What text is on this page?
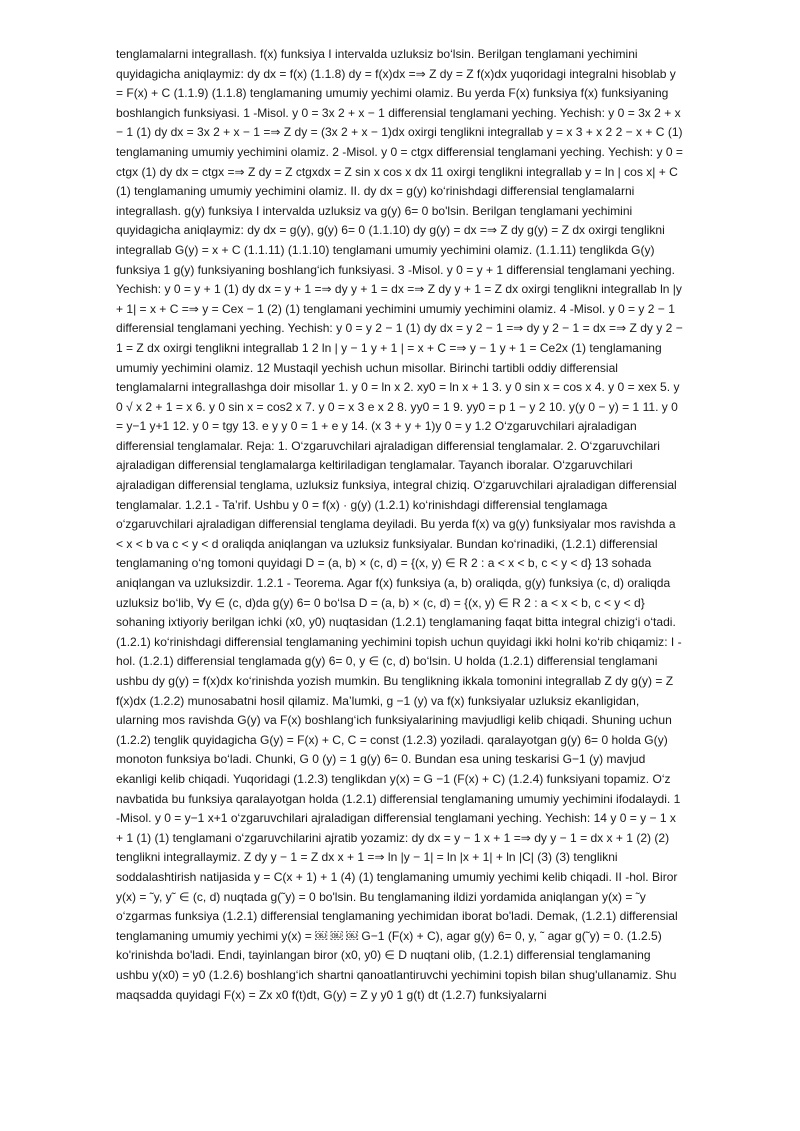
tenglamalarni integrallash. f(x) funksiya I intervalda uzluksiz bo‘lsin. Berilgan tenglamani yechimini quyidagicha aniqlaymiz: dy dx = f(x) (1.1.8) dy = f(x)dx =⇒ Z dy = Z f(x)dx yuqoridagi integralni hisoblab y = F(x) + C (1.1.9) (1.1.8) tenglamaning umumiy yechimi olamiz. Bu yerda F(x) funksiya f(x) funksiyaning boshlangich funksiyasi. 1 -Misol. y 0 = 3x 2 + x − 1 differensial tenglamani yeching. Yechish: y 0 = 3x 2 + x − 1 (1) dy dx = 3x 2 + x − 1 =⇒ Z dy = (3x 2 + x − 1)dx oxirgi tenglikni integrallab y = x 3 + x 2 2 − x + C (1) tenglamaning umumiy yechimini olamiz. 2 -Misol. y 0 = ctgx differensial tenglamani yeching. Yechish: y 0 = ctgx (1) dy dx = ctgx =⇒ Z dy = Z ctgxdx = Z sin x cos x dx 11 oxirgi tenglikni integrallab y = ln | cos x| + C (1) tenglamaning umumiy yechimini olamiz. II. dy dx = g(y) ko‘rinishdagi differensial tenglamalarni integrallash. g(y) funksiya I intervalda uzluksiz va g(y) 6= 0 bo'lsin. Berilgan tenglamani yechimini quyidagicha aniqlaymiz: dy dx = g(y), g(y) 6= 0 (1.1.10) dy g(y) = dx =⇒ Z dy g(y) = Z dx oxirgi tenglikni integrallab G(y) = x + C (1.1.11) (1.1.10) tenglamani umumiy yechimini olamiz. (1.1.11) tenglikda G(y) funksiya 1 g(y) funksiyaning boshlang‘ich funksiyasi. 3 -Misol. y 0 = y + 1 differensial tenglamani yeching. Yechish: y 0 = y + 1 (1) dy dx = y + 1 =⇒ dy y + 1 = dx =⇒ Z dy y + 1 = Z dx oxirgi tenglikni integrallab ln |y + 1| = x + C =⇒ y = Cex − 1 (2) (1) tenglamani yechimini umumiy yechimini olamiz. 4 -Misol. y 0 = y 2 − 1 differensial tenglamani yeching. Yechish: y 0 = y 2 − 1 (1) dy dx = y 2 − 1 =⇒ dy y 2 − 1 = dx =⇒ Z dy y 2 − 1 = Z dx oxirgi tenglikni integrallab 1 2 ln | y − 1 y + 1 | = x + C =⇒ y − 1 y + 1 = Ce2x (1) tenglamaning umumiy yechimini olamiz. 12 Mustaqil yechish uchun misollar. Birinchi tartibli oddiy differensial tenglamalarni integrallashga doir misollar 1. y 0 = ln x 2. xy0 = ln x + 1 3. y 0 sin x = cos x 4. y 0 = xex 5. y 0 √ x 2 + 1 = x 6. y 0 sin x = cos2 x 7. y 0 = x 3 e x 2 8. yy0 = 1 9. yy0 = p 1 − y 2 10. y(y 0 − y) = 1 11. y 0 = y−1 y+1 12. y 0 = tgy 13. e y y 0 = 1 + e y 14. (x 3 + y + 1)y 0 = y 1.2 O‘zgaruvchilari ajraladigan differensial tenglamalar. Reja: 1. O‘zgaruvchilari ajraladigan differensial tenglamalar. 2. O‘zgaruvchilari ajraladigan differensial tenglamalarga keltiriladigan tenglamalar. Tayanch iboralar. O‘zgaruvchilari ajraladigan differensial tenglama, uzluksiz funksiya, integral chiziq. O‘zgaruvchilari ajraladigan differensial tenglamalar. 1.2.1 - Ta’rif. Ushbu y 0 = f(x) · g(y) (1.2.1) ko‘rinishdagi differensial tenglamaga o‘zgaruvchilari ajraladigan differensial tenglama deyiladi. Bu yerda f(x) va g(y) funksiyalar mos ravishda a < x < b va c < y < d oraliqda aniqlangan va uzluksiz funksiyalar. Bundan ko‘rinadiki, (1.2.1) differensial tenglamaning o‘ng tomoni quyidagi D = (a, b) × (c, d) = {(x, y) ∈ R 2 : a < x < b, c < y < d} 13 sohada aniqlangan va uzluksizdir. 1.2.1 - Teorema. Agar f(x) funksiya (a, b) oraliqda, g(y) funksiya (c, d) oraliqda uzluksiz bo‘lib, ∀y ∈ (c, d)da g(y) 6= 0 bo‘lsa D = (a, b) × (c, d) = {(x, y) ∈ R 2 : a < x < b, c < y < d} sohaning ixtiyoriy berilgan ichki (x0, y0) nuqtasidan (1.2.1) tenglamaning faqat bitta integral chizig‘i o‘tadi. (1.2.1) ko‘rinishdagi differensial tenglamaning yechimini topish uchun quyidagi ikki holni ko‘rib chiqamiz: I -hol. (1.2.1) differensial tenglamada g(y) 6= 0, y ∈ (c, d) bo‘lsin. U holda (1.2.1) differensial tenglamani ushbu dy g(y) = f(x)dx ko‘rinishda yozish mumkin. Bu tenglikning ikkala tomonini integrallab Z dy g(y) = Z f(x)dx (1.2.2) munosabatni hosil qilamiz. Ma’lumki, g −1 (y) va f(x) funksiyalar uzluksiz ekanligidan, ularning mos ravishda G(y) va F(x) boshlang‘ich funksiyalarining mavjudligi kelib chiqadi. Shuning uchun (1.2.2) tenglik quyidagicha G(y) = F(x) + C, C = const (1.2.3) yoziladi. qaralayotgan g(y) 6= 0 holda G(y) monoton funksiya bo‘ladi. Chunki, G 0 (y) = 1 g(y) 6= 0. Bundan esa uning teskarisi G−1 (y) mavjud ekanligi kelib chiqadi. Yuqoridagi (1.2.3) tenglikdan y(x) = G −1 (F(x) + C) (1.2.4) funksiyani topamiz. O‘z navbatida bu funksiya qaralayotgan holda (1.2.1) differensial tenglamaning umumiy yechimini ifodalaydi. 1 -Misol. y 0 = y−1 x+1 o‘zgaruvchilari ajraladigan differensial tenglamani yeching. Yechish: 14 y 0 = y − 1 x + 1 (1) (1) tenglamani o‘zgaruvchilarini ajratib yozamiz: dy dx = y − 1 x + 1 =⇒ dy y − 1 = dx x + 1 (2) (2) tenglikni integrallaymiz. Z dy y − 1 = Z dx x + 1 =⇒ ln |y − 1| = ln |x + 1| + ln |C| (3) (3) tenglikni soddalashtirish natijasida y = C(x + 1) + 1 (4) (1) tenglamaning umumiy yechimi kelib chiqadi. II -hol. Biror y(x) = ˜y, y˜ ∈ (c, d) nuqtada g(˜y) = 0 bo'lsin. Bu tenglamaning ildizi yordamida aniqlangan y(x) = ˜y o‘zgarmas funksiya (1.2.1) differensial tenglamaning yechimidan iborat bo'ladi. Demak, (1.2.1) differensial tenglamaning umumiy yechimi y(x) = ￼ ￼ ￼ G−1 (F(x) + C), agar g(y) 6= 0, y, ˜ agar g(˜y) = 0. (1.2.5) ko'rinishda bo'ladi. Endi, tayinlangan biror (x0, y0) ∈ D nuqtani olib, (1.2.1) differensial tenglamaning ushbu y(x0) = y0 (1.2.6) boshlang‘ich shartni qanoatlantiruvchi yechimini topish bilan shug'ullanamiz. Shu maqsadda quyidagi F(x) = Zx x0 f(t)dt, G(y) = Z y y0 1 g(t) dt (1.2.7) funksiyalarni
